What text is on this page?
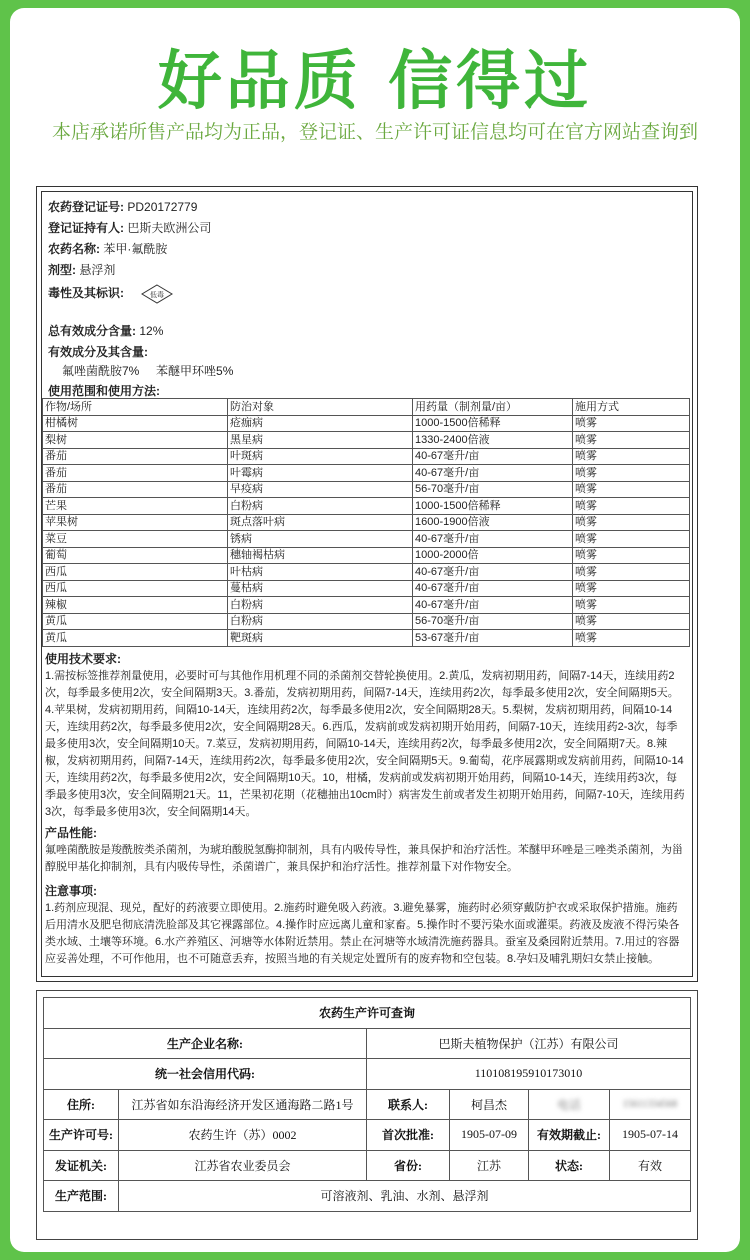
好品质 信得过
本店承诺所售产品均为正品，登记证、生产许可证信息均可在官方网站查询到
农药登记证号: PD20172779
登记证持有人: 巴斯夫欧洲公司
农药名称: 苯甲·氟酰胺
剂型: 悬浮剂
毒性及其标识:	低毒
总有效成分含量: 12%
有效成分及其含量:
氟唑菌酰胺7% 苯醚甲环唑5%
使用范围和使用方法:
作物/场所	防治对象	用药量（制剂量/亩）	施用方式
柑橘树	疮痂病	1000-1500倍稀释	喷雾
梨树	黑星病	1330-2400倍液	喷雾
番茄	叶斑病	40-67毫升/亩	喷雾
番茄	叶霉病	40-67毫升/亩	喷雾
番茄	早疫病	56-70毫升/亩	喷雾
芒果	白粉病	1000-1500倍稀释	喷雾
苹果树	斑点落叶病	1600-1900倍液	喷雾
菜豆	锈病	40-67毫升/亩	喷雾
葡萄	穗轴褐枯病	1000-2000倍	喷雾
西瓜	叶枯病	40-67毫升/亩	喷雾
西瓜	蔓枯病	40-67毫升/亩	喷雾
辣椒	白粉病	40-67毫升/亩	喷雾
黄瓜	白粉病	56-70毫升/亩	喷雾
黄瓜	靶斑病	53-67毫升/亩	喷雾
使用技术要求:
1.需按标签推荐剂量使用，必要时可与其他作用机理不同的杀菌剂交替轮换使用。2.黄瓜，发病初期用药，间隔7-14天，连续用药2次，每季最多使用2次，安全间隔期3天。3.番茄，发病初期用药，间隔7-14天，连续用药2次，每季最多使用2次，安全间隔期5天。4.苹果树，发病初期用药，间隔10-14天，连续用药2次，每季最多使用2次，安全间隔期28天。5.梨树，发病初期用药，间隔10-14天，连续用药2次，每季最多使用2次，安全间隔期28天。6.西瓜，发病前或发病初期开始用药，间隔7-10天，连续用药2-3次，每季最多使用3次，安全间隔期10天。7.菜豆，发病初期用药，间隔10-14天，连续用药2次，每季最多使用2次，安全间隔期7天。8.辣椒，发病初期用药，间隔7-14天，连续用药2次，每季最多使用2次，安全间隔期5天。9.葡萄，花序展露期或发病前用药，间隔10-14天，连续用药2次，每季最多使用2次，安全间隔期10天。10，柑橘，发病前或发病初期开始用药，间隔10-14天，连续用药3次，每季最多使用3次，安全间隔期21天。11，芒果初花期（花穗抽出10cm时）病害发生前或者发生初期开始用药，间隔7-10天，连续用药3次，每季最多使用3次，安全间隔期14天。
产品性能:
氟唑菌酰胺是羧酰胺类杀菌剂，为琥珀酸脱氢酶抑制剂，具有内吸传导性，兼具保护和治疗活性。苯醚甲环唑是三唑类杀菌剂，为甾醇脱甲基化抑制剂，具有内吸传导性，杀菌谱广，兼具保护和治疗活性。推荐剂量下对作物安全。
注意事项:
1.药剂应现混、现兑，配好的药液要立即使用。2.施药时避免吸入药液。3.避免暴雾，施药时必须穿戴防护衣或采取保护措施。施药后用清水及肥皂彻底清洗脸部及其它裸露部位。4.操作时应远离儿童和家畜。5.操作时不要污染水面或灌渠。药液及废液不得污染各类水域、土壤等环境。6.水产养殖区、河塘等水体附近禁用。禁止在河塘等水域清洗施药器具。蚕室及桑园附近禁用。7.用过的容器应妥善处理，不可作他用，也不可随意丢弃，按照当地的有关规定处置所有的废弃物和空包装。8.孕妇及哺乳期妇女禁止接触。
农药生产许可查询					
生产企业名称:		巴斯夫植物保护（江苏）有限公司			
统一社会信用代码:		110108195910173010			
住所:	江苏省如东沿海经济开发区通海路二路1号	联系人:	柯昌杰	电话	15611334568
生产许可号:	农药生许（苏）0002	首次批准:	1905-07-09	有效期截止:	1905-07-14
发证机关:	江苏省农业委员会	省份:	江苏	状态:	有效
生产范围:	可溶液剂、乳油、水剂、悬浮剂				
